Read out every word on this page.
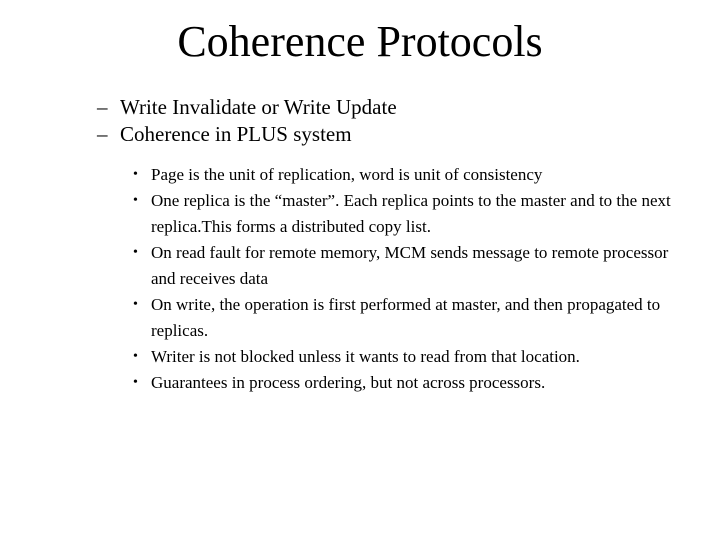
Coherence Protocols
– Write Invalidate or Write Update
– Coherence in PLUS system
• Page is the unit of replication, word is unit of consistency
• One replica is the “master”. Each replica points to the master and to the next replica.This forms a distributed copy list.
• On read fault for remote memory, MCM sends message to remote processor and receives data
• On write, the operation is first performed at master, and then propagated to replicas.
• Writer is not blocked unless it wants to read from that location.
• Guarantees in process ordering, but not across processors.
